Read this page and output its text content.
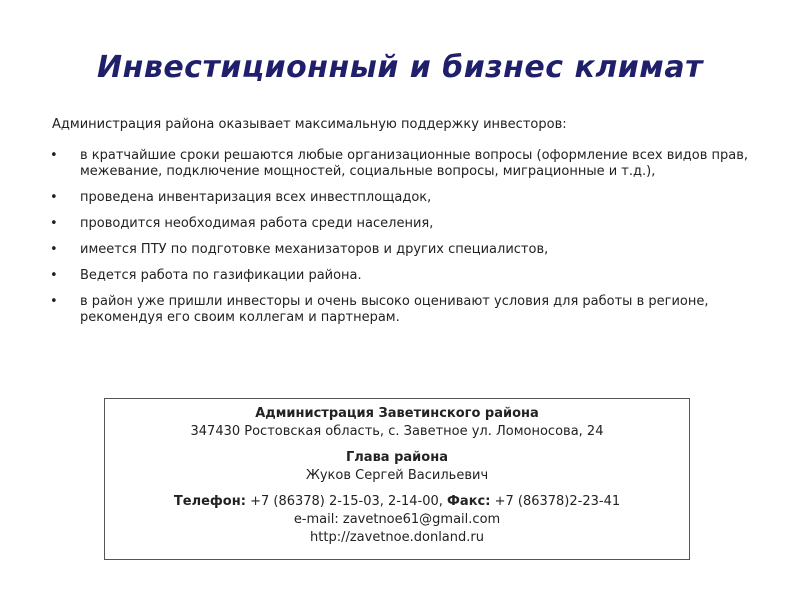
Инвестиционный и бизнес климат
Администрация района оказывает максимальную поддержку инвесторов:
• в кратчайшие сроки решаются любые организационные вопросы (оформление всех видов прав, межевание, подключение мощностей, социальные вопросы, миграционные и т.д.),
• проведена инвентаризация всех инвестплощадок,
• проводится необходимая работа среди населения,
• имеется ПТУ по подготовке механизаторов и других специалистов,
• Ведется работа по газификации района.
• в район уже пришли инвесторы и очень высоко оценивают условия для работы в регионе, рекомендуя его своим коллегам и партнерам.
Администрация Заветинского района
347430 Ростовская область, с. Заветное ул. Ломоносова, 24
Глава района
Жуков Сергей Васильевич
Телефон: +7 (86378) 2-15-03, 2-14-00, Факс: +7 (86378)2-23-41
e-mail: zavetnoe61@gmail.com
http://zavetnoe.donland.ru
